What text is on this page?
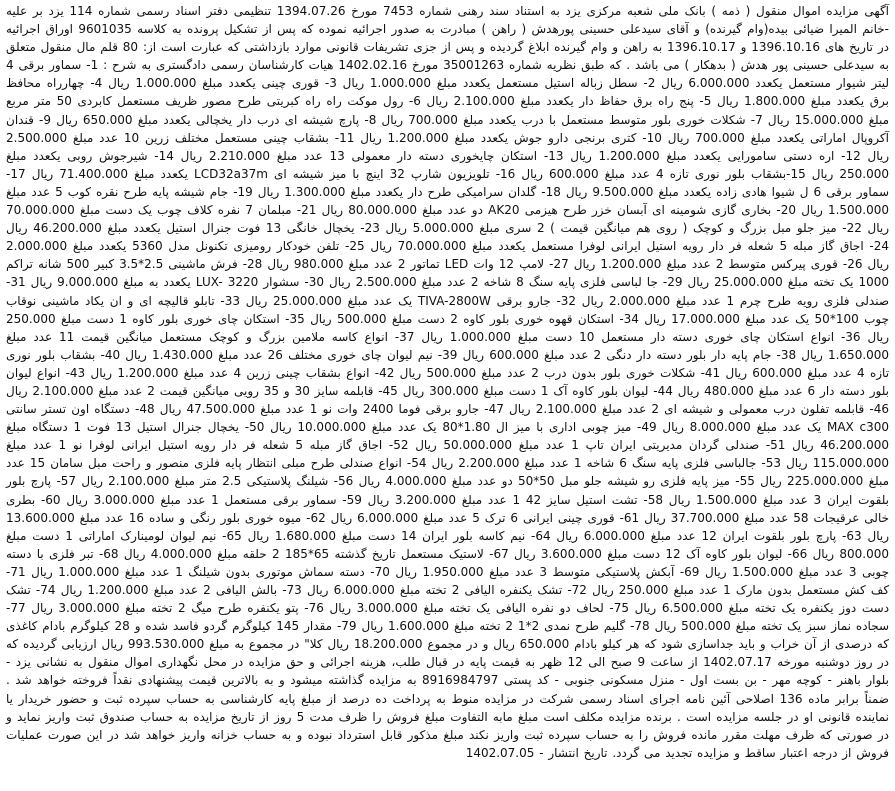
آگهی مزایده اموال منقول ( ذمه ) بانک ملی شعبه مرکزی یزد به استناد سند رهنی شماره 7453 مورخ 1394.07.26 تنظیمی دفتر اسناد رسمی شماره 114 یزد بر علیه -خانم المیرا ضیائی بیده(وام گیرنده) و آقای سیدعلی حسینی پورهدش ( راهن ) مبادرت به صدور اجرائیه نموده که پس از تشکیل پرونده به کلاسه 9601035 اوراق اجرائیه در تاریخ های 1396.10.16 و 1396.10.17 به راهن و وام گیرنده ابلاغ گردیده و پس از جزی تشریفات قانونی موارد بازداشتی که عبارت است از: 80 قلم مال منقول متعلق به سیدعلی حسینی پور هدش ( بدهکار ) می باشد . که طبق نظریه شماره 35001263 مورخ 1402.02.16 هیات کارشناسان رسمی دادگستری به شرح : 1- سماور برقی 4 لیتر شیوار مستعمل یکعدد 6.000.000 ریال 2- سطل زباله استیل مستعمل یکعدد مبلغ 1.000.000 ریال 3- قوری چینی یکعدد مبلغ 1.000.000 ریال 4- چهارراه محافظ برق یکعدد مبلغ 1.800.000 ریال 5- پنج راه برق حفاظ دار یکعدد مبلغ 2.100.000 ریال 6- رول موکت راه راه کبریتی طرح مصور ظریف مستعمل کابردی 50 متر مربع مبلغ 15.000.000 ریال 7- شکلات خوری بلور متوسط مستعمل با درب یکعدد مبلغ 700.000 ریال 8- پارچ شیشه ای درب دار یخچالی یکعدد مبلغ 650.000 ریال 9- قندان آکروپال اماراتی یکعدد مبلغ 700.000 ریال 10- کتری برنجی دارو جوش یکعدد مبلغ 1.200.000 ریال 11- بشقاب چینی مستعمل مختلف زرین 10 عدد مبلغ 2.500.000 ریال 12- اره دستی سامورایی یکعدد مبلغ 1.200.000 ریال 13- استکان چایخوری دسته دار معمولی 13 عدد مبلغ 2.210.000 ریال 14- شیرجوش روبی یکعدد مبلغ 250.000 ریال 15-بشقاب بلور نوری تازه 4 عدد مبلغ 600.000 ریال 16- تلویزیون شارپ 32 اینچ با میز شیشه ای LCD32a37m یکعدد مبلغ 71.400.000 ریال 17- سماور برقی 6 ل شیوا هادی زاده یکعدد مبلغ 9.500.000 ریال 18- گلدان سرامیکی طرح دار یکعدد مبلغ 1.300.000 ریال 19- جام شیشه پایه طرح نقره کوب 5 عدد مبلغ 1.500.000 ریال 20- بخاری گازی شومینه ای آبسان خزر طرح هیزمی AK20 دو عدد مبلغ 80.000.000 ریال 21- مبلمان 7 نفره کلاف چوب یک دست مبلغ 70.000.000 ریال 22- میز جلو مبل بزرگ و کوچک ( روی هم میانگین قیمت ) 2 سری مبلغ 5.000.000 ریال 23- یخچال خانگی 13 فوت جنرال استیل یکعدد مبلغ 46.200.000 ریال 24- اجاق گاز مبله 5 شعله فر دار رویه استیل ایرانی لوفرا مستعمل یکعدد مبلغ 70.000.000 ریال 25- تلفن خودکار رومیزی تکنونل مدل 5360 یکعدد مبلغ 2.000.000 ریال 26- قوری پیرکس متوسط 2 عدد مبلغ 1.200.000 ریال 27- لامپ 12 وات LED تماتور 2 عدد مبلغ 980.000 ریال 28- فرش ماشینی 2.5*3.5 کبیر 500 شانه تراکم 1000 یک تخته مبلغ 25.000.000 ریال 29- جا لباسی فلزی پایه سنگ 8 شاخه 2 عدد مبلغ 2.500.000 ریال 30- سشوار LUX- 3220 یکعدد به مبلغ 9.000.000 ریال 31- صندلی فلزی رویه طرح چرم 1 عدد مبلغ 2.000.000 ریال 32- جارو برقی TIVA-2800W یک عدد مبلغ 25.000.000 ریال 33- تابلو قالیچه ای و ان یکاد ماشینی نوقاب چوب 100*50 یک عدد مبلغ 17.000.000 ریال 34- استکان قهوه خوری بلور کاوه 2 دست مبلغ 500.000 ریال 35- استکان چای خوری بلور کاوه 1 دست مبلغ 250.000 ریال 36- انواع استکان چای خوری دسته دار مستعمل 10 دست مبلغ 1.000.000 ریال 37- انواع کاسه ملامین بزرگ و کوچک مستعمل میانگین قیمت 11 عدد مبلغ 1.650.000 ریال 38- جام پایه دار بلور دسته دار دنگی 2 عدد مبلغ 600.000 ریال 39- نیم لیوان چای خوری مختلف 26 عدد مبلغ 1.430.000 ریال 40- بشقاب بلور نوری تازه 4 عدد مبلغ 600.000 ریال 41- شکلات خوری بلور بدون درب 2 عدد مبلغ 500.000 ریال 42- انواع بشقاب چینی زرین 4 عدد مبلغ 1.200.000 ریال 43- انواع لیوان بلور دسته دار 6 عدد مبلغ 480.000 ریال 44- لیوان بلور کاوه آک 1 دست مبلغ 300.000 ریال 45- قابلمه سایز 30 و 35 رویی میانگین قیمت 2 عدد مبلغ 2.100.000 ریال 46- قابلمه تفلون درب معمولی و شیشه ای 2 عدد مبلغ 2.100.000 ریال 47- جارو برقی فوما 2400 وات نو 1 عدد مبلغ 47.500.000 ریال 48- دستگاه اون تستر سانتی MAX c300 یک عدد مبلغ 8.000.000 ریال 49- میز چوبی اداری با میز ال 1.80*80 یک عدد مبلغ 10.000.000 ریال 50- یخچال جنرال استیل 13 فوت 1 دستگاه مبلغ 46.200.000 ریال 51- صندلی گردان مدیریتی ایران تاپ 1 عدد مبلغ 50.000.000 ریال 52- اجاق گاز مبله 5 شعله فر دار رویه استیل ایرانی لوفرا نو 1 عدد مبلغ 115.000.000 ریال 53- جالباسی فلزی پایه سنگ 6 شاخه 1 عدد مبلغ 2.200.000 ریال 54- انواع صندلی طرح مبلی انتظار پایه فلزی منصور و راحت مبل سامان 15 عدد مبلغ 225.000.000 ریال 55- میز پایه فلزی رو شیشه جلو مبل 50*50 دو عدد مبلغ 4.000.000 ریال 56- شیلنگ پلاستیکی 2.5 متر مبلغ 2.100.000 ریال 57- پارچ بلور بلقوت ایران 3 عدد مبلغ 1.500.000 ریال 58- تشت استیل سایز 42 1 عدد مبلغ 3.200.000 ریال 59- سماور برقی مستعمل 1 عدد مبلغ 3.000.000 ریال 60- بطری خالی عرقیجات 58 عدد مبلغ 37.700.000 ریال 61- قوری چینی ایرانی 6 ترک 5 عدد مبلغ 6.000.000 ریال 62- میوه خوری بلور رنگی و ساده 16 عدد مبلغ 13.600.000 ریال 63- پارچ بلور بلقوت ایران 12 عدد مبلغ 6.000.000 ریال 64- نیم کاسه بلور ایران 14 دست مبلغ 1.680.000 ریال 65- نیم لیوان لومینارک اماراتی 1 دست مبلغ 800.000 ریال 66- لیوان بلور کاوه آک 12 دست مبلغ 3.600.000 ریال 67- لاستیک مستعمل تاریخ گذشته 65*185 2 حلقه مبلغ 4.000.000 ریال 68- تبر فلزی با دسته چوبی 3 عدد مبلغ 1.500.000 ریال 69- آبکش پلاستیکی متوسط 3 عدد مبلغ 1.950.000 ریال 70- دسته سماش موتوری بدون شیلنگ 1 عدد مبلغ 1.000.000 ریال 71- کف کش مستعمل بدون مارک 1 عدد مبلغ 250.000 ریال 72- تشک یکنفره الیافی 2 تخته مبلغ 6.000.000 ریال 73- بالش الیافی 2 عدد مبلغ 1.200.000 ریال 74- تشک دست دوز یکنفره یک تخته مبلغ 6.500.000 ریال 75- لحاف دو نفره الیافی یک تخته مبلغ 3.000.000 ریال 76- پتو یکنفره طرح میگ 2 تخته مبلغ 3.000.000 ریال 77- سجاده نماز سبز یک تخته مبلغ 500.000 ریال 78- گلیم طرح نمدی 2*1 2 تخته مبلغ 1.600.000 ریال 79- مقدار 145 کیلوگرم گردو فاسد شده و 28 کیلوگرم بادام کاغذی که درصدی از آن خراب و باید جداسازی شود که هر کیلو بادام 650.000 ریال و در مجموع 18.200.000 ریال کلا" در مجموع به مبلغ 993.530.000 ریال ارزیابی گردیده که در روز دوشنبه مورخه 1402.07.17 از ساعت 9 صبح الی 12 ظهر به قیمت پایه در قبال طلب، هزینه اجرائی و حق مزایده در محل نگهداری اموال منقول به نشانی یزد - بلوار باهنر - کوچه مهر - بن بست اول - منزل مسکونی جنوبی - کد پستی 8916984797 به مزایده گذاشته میشود و به بالاترین قیمت پیشنهادی نقداً فروخته خواهد شد . ضمناً برابر ماده 136 اصلاحی آئین نامه اجرای اسناد رسمی شرکت در مزایده منوط به پرداخت ده درصد از مبلغ پایه کارشناسی به حساب سپرده ثبت و حضور خریدار یا نماینده قانونی او در جلسه مزایده است . برنده مزایده مکلف است مبلغ مابه التفاوت مبلغ فروش را ظرف مدت 5 روز از تاریخ مزایده به حساب صندوق ثبت واریز نماید و در صورتی که ظرف مهلت مقرر مانده فروش را به حساب سپرده ثبت واریز نکند مبلغ مذکور قابل استرداد نبوده و به حساب خزانه واریز خواهد شد در این صورت عملیات فروش از درجه اعتبار ساقط و مزایده تجدید می گردد. تاریخ انتشار - 1402.07.05
